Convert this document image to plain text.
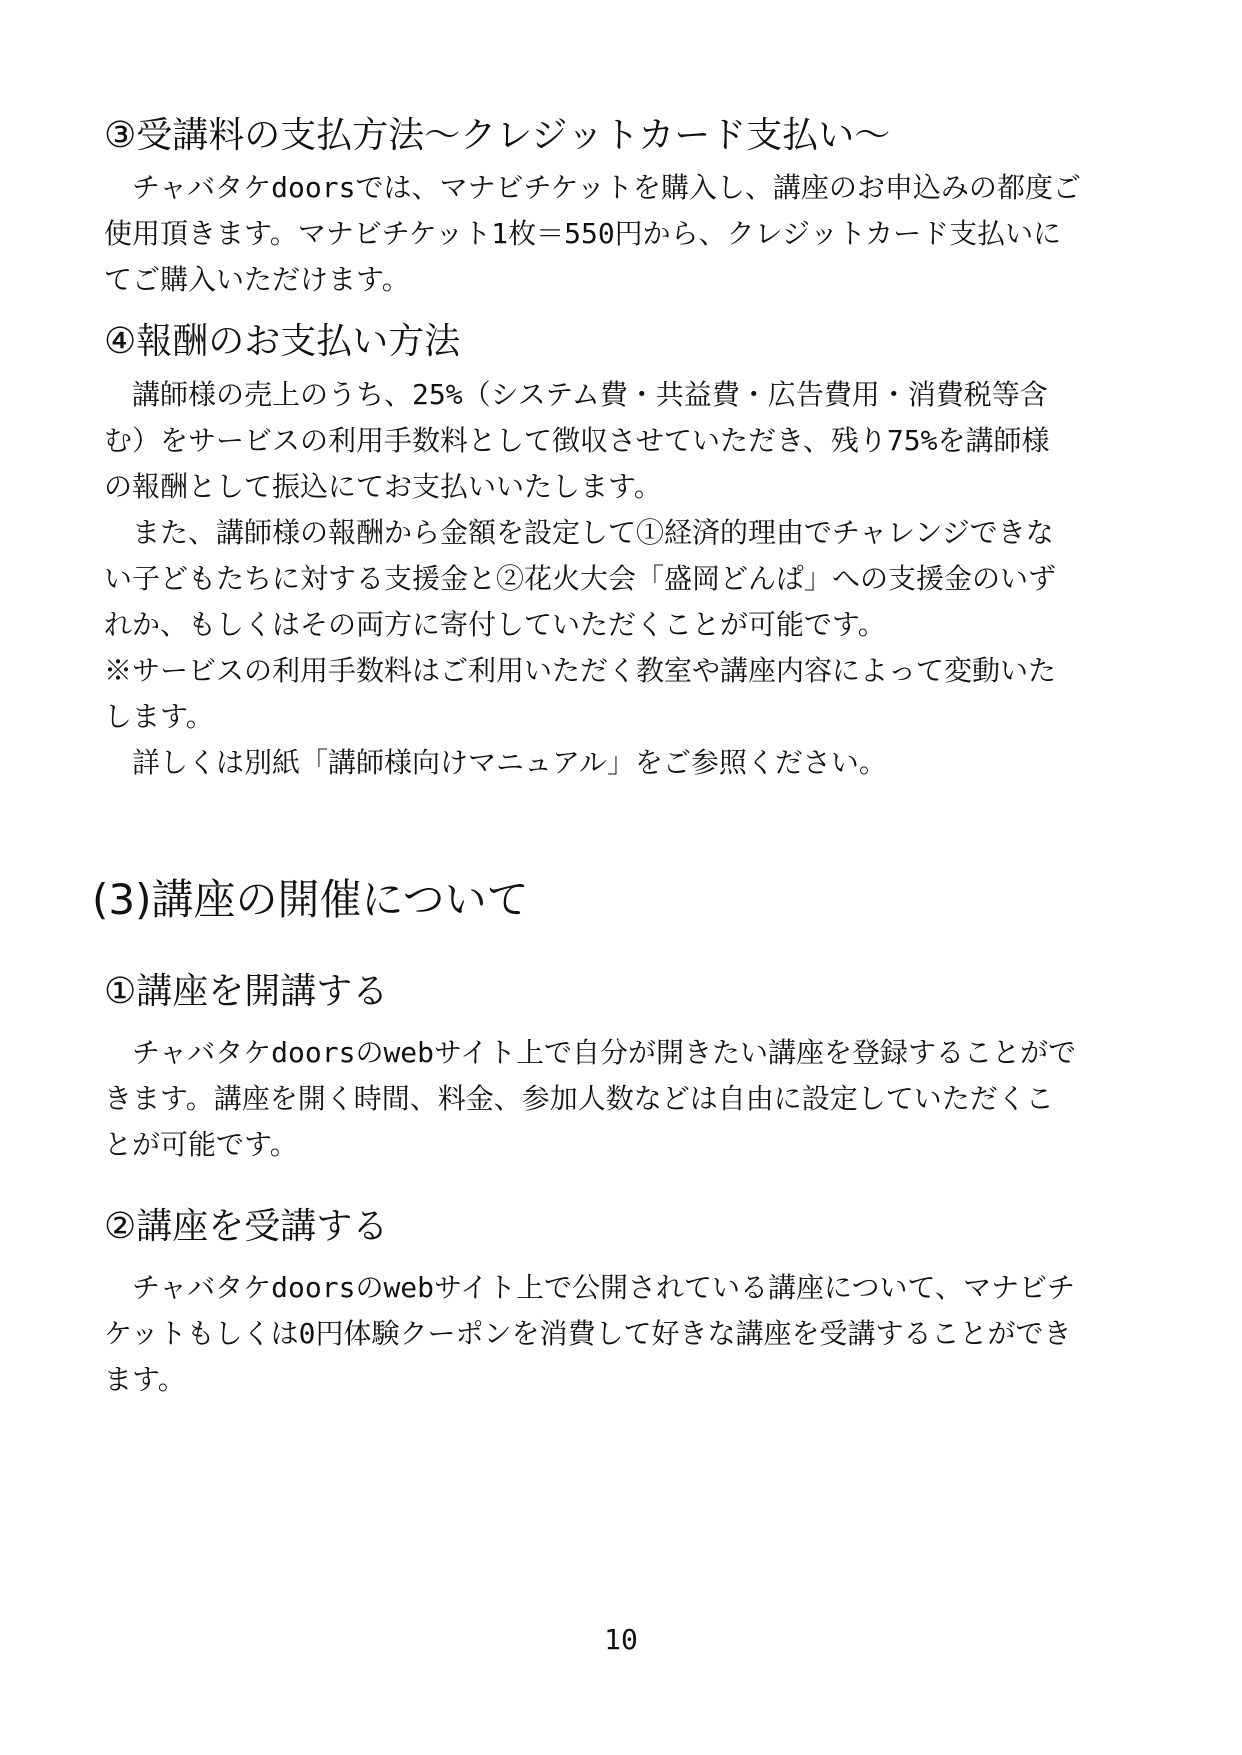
③受講料の支払方法～クレジットカード支払い～
　チャバタケdoorsでは、マナビチケットを購入し、講座のお申込みの都度ご
使用頂きます。マナビチケット1枚＝550円から、クレジットカード支払いに
てご購入いただけます。
④報酬のお支払い方法
　講師様の売上のうち、25%（システム費・共益費・広告費用・消費税等含
む）をサービスの利用手数料として徴収させていただき、残り75%を講師様
の報酬として振込にてお支払いいたします。
　また、講師様の報酬から金額を設定して①経済的理由でチャレンジできな
い子どもたちに対する支援金と②花火大会「盛岡どんぱ」への支援金のいず
れか、もしくはその両方に寄付していただくことが可能です。
※サービスの利用手数料はご利用いただく教室や講座内容によって変動いた
します。
　詳しくは別紙「講師様向けマニュアル」をご参照ください。
(3)講座の開催について
①講座を開講する
　チャバタケdoorsのwebサイト上で自分が開きたい講座を登録することがで
きます。講座を開く時間、料金、参加人数などは自由に設定していただくこ
とが可能です。
②講座を受講する
　チャバタケdoorsのwebサイト上で公開されている講座について、マナビチ
ケットもしくは0円体験クーポンを消費して好きな講座を受講することができ
ます。
10
